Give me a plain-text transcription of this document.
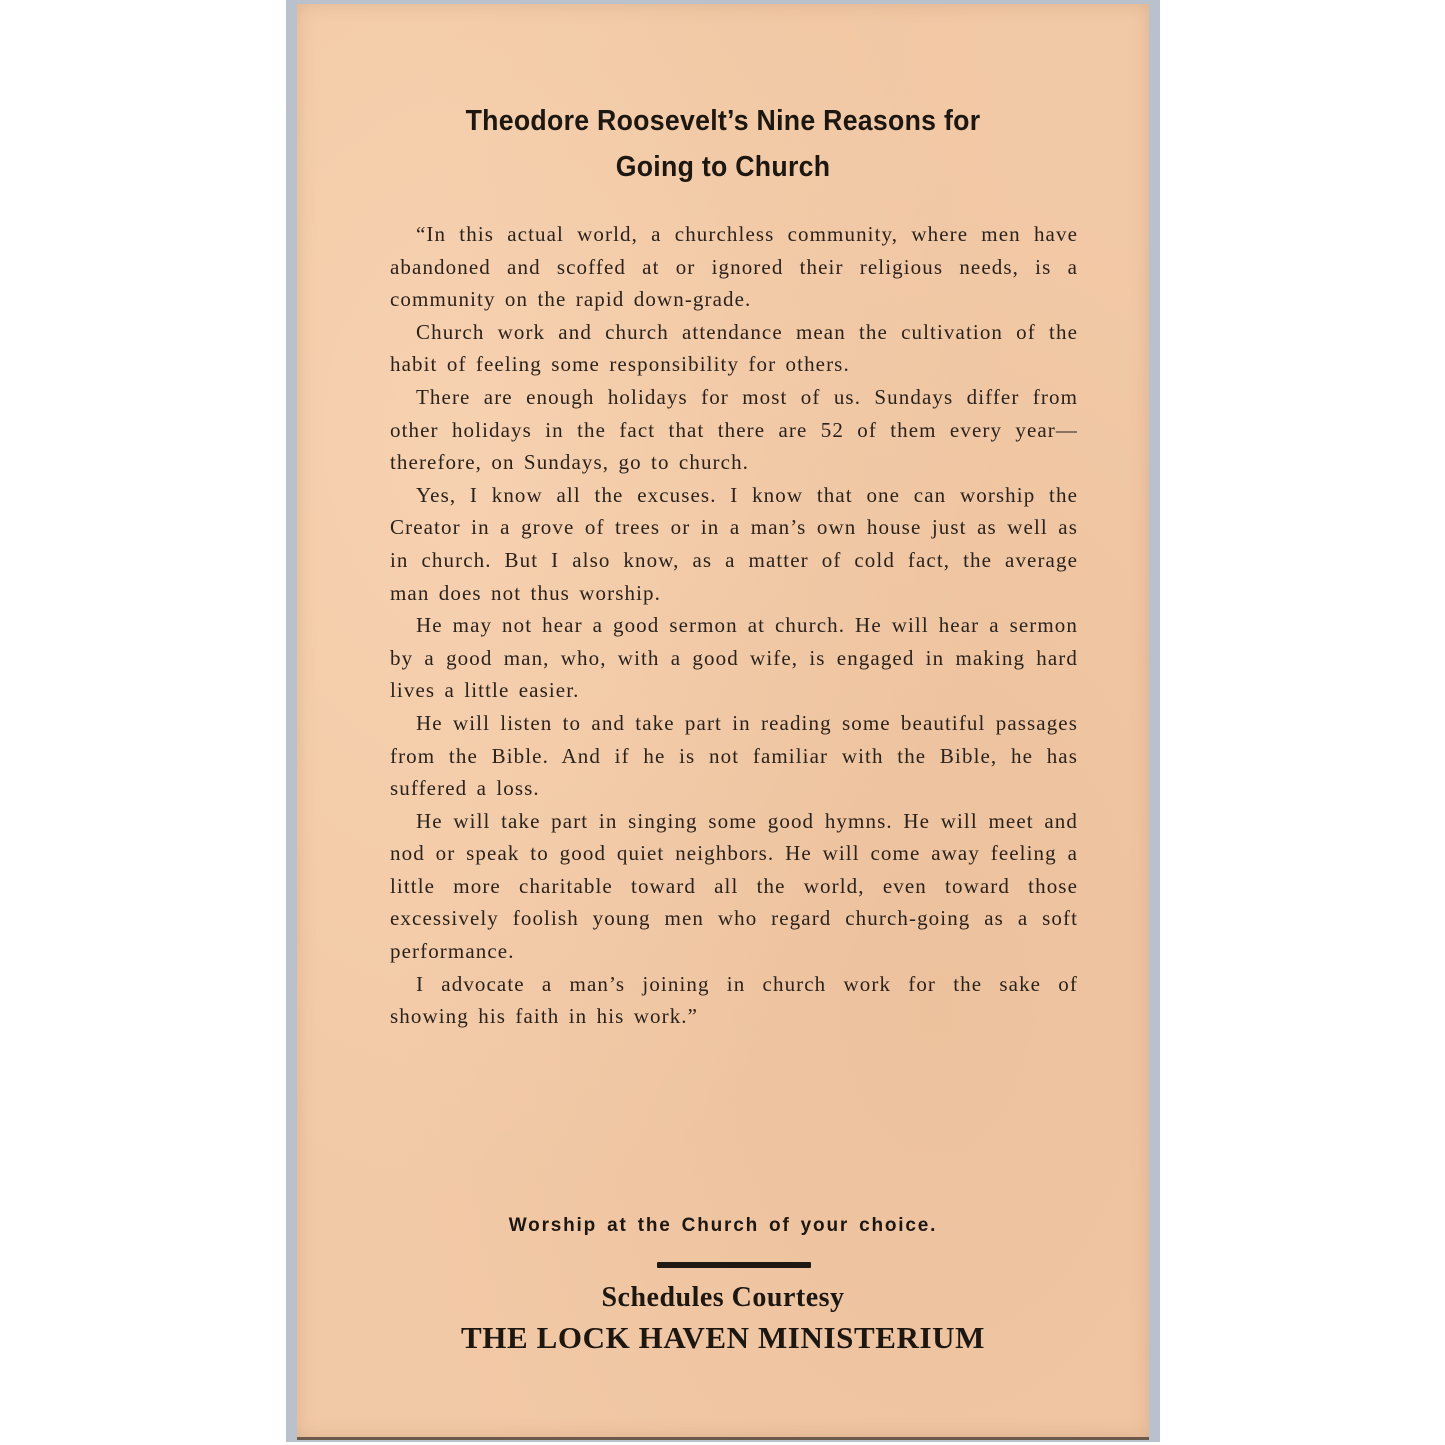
Theodore Roosevelt’s Nine Reasons for
Going to Church

“In this actual world, a churchless community, where men have abandoned and scoffed at or ignored their religious needs, is a community on the rapid down-grade.

Church work and church attendance mean the cultivation of the habit of feeling some responsibility for others.

There are enough holidays for most of us. Sundays differ from other holidays in the fact that there are 52 of them every year—therefore, on Sundays, go to church.

Yes, I know all the excuses. I know that one can worship the Creator in a grove of trees or in a man’s own house just as well as in church. But I also know, as a matter of cold fact, the average man does not thus worship.

He may not hear a good sermon at church. He will hear a sermon by a good man, who, with a good wife, is engaged in making hard lives a little easier.

He will listen to and take part in reading some beautiful passages from the Bible. And if he is not familiar with the Bible, he has suffered a loss.

He will take part in singing some good hymns. He will meet and nod or speak to good quiet neighbors. He will come away feeling a little more charitable toward all the world, even toward those excessively foolish young men who regard church-going as a soft performance.

I advocate a man’s joining in church work for the sake of showing his faith in his work.”

Worship at the Church of your choice.
Schedules Courtesy
THE LOCK HAVEN MINISTERIUM
